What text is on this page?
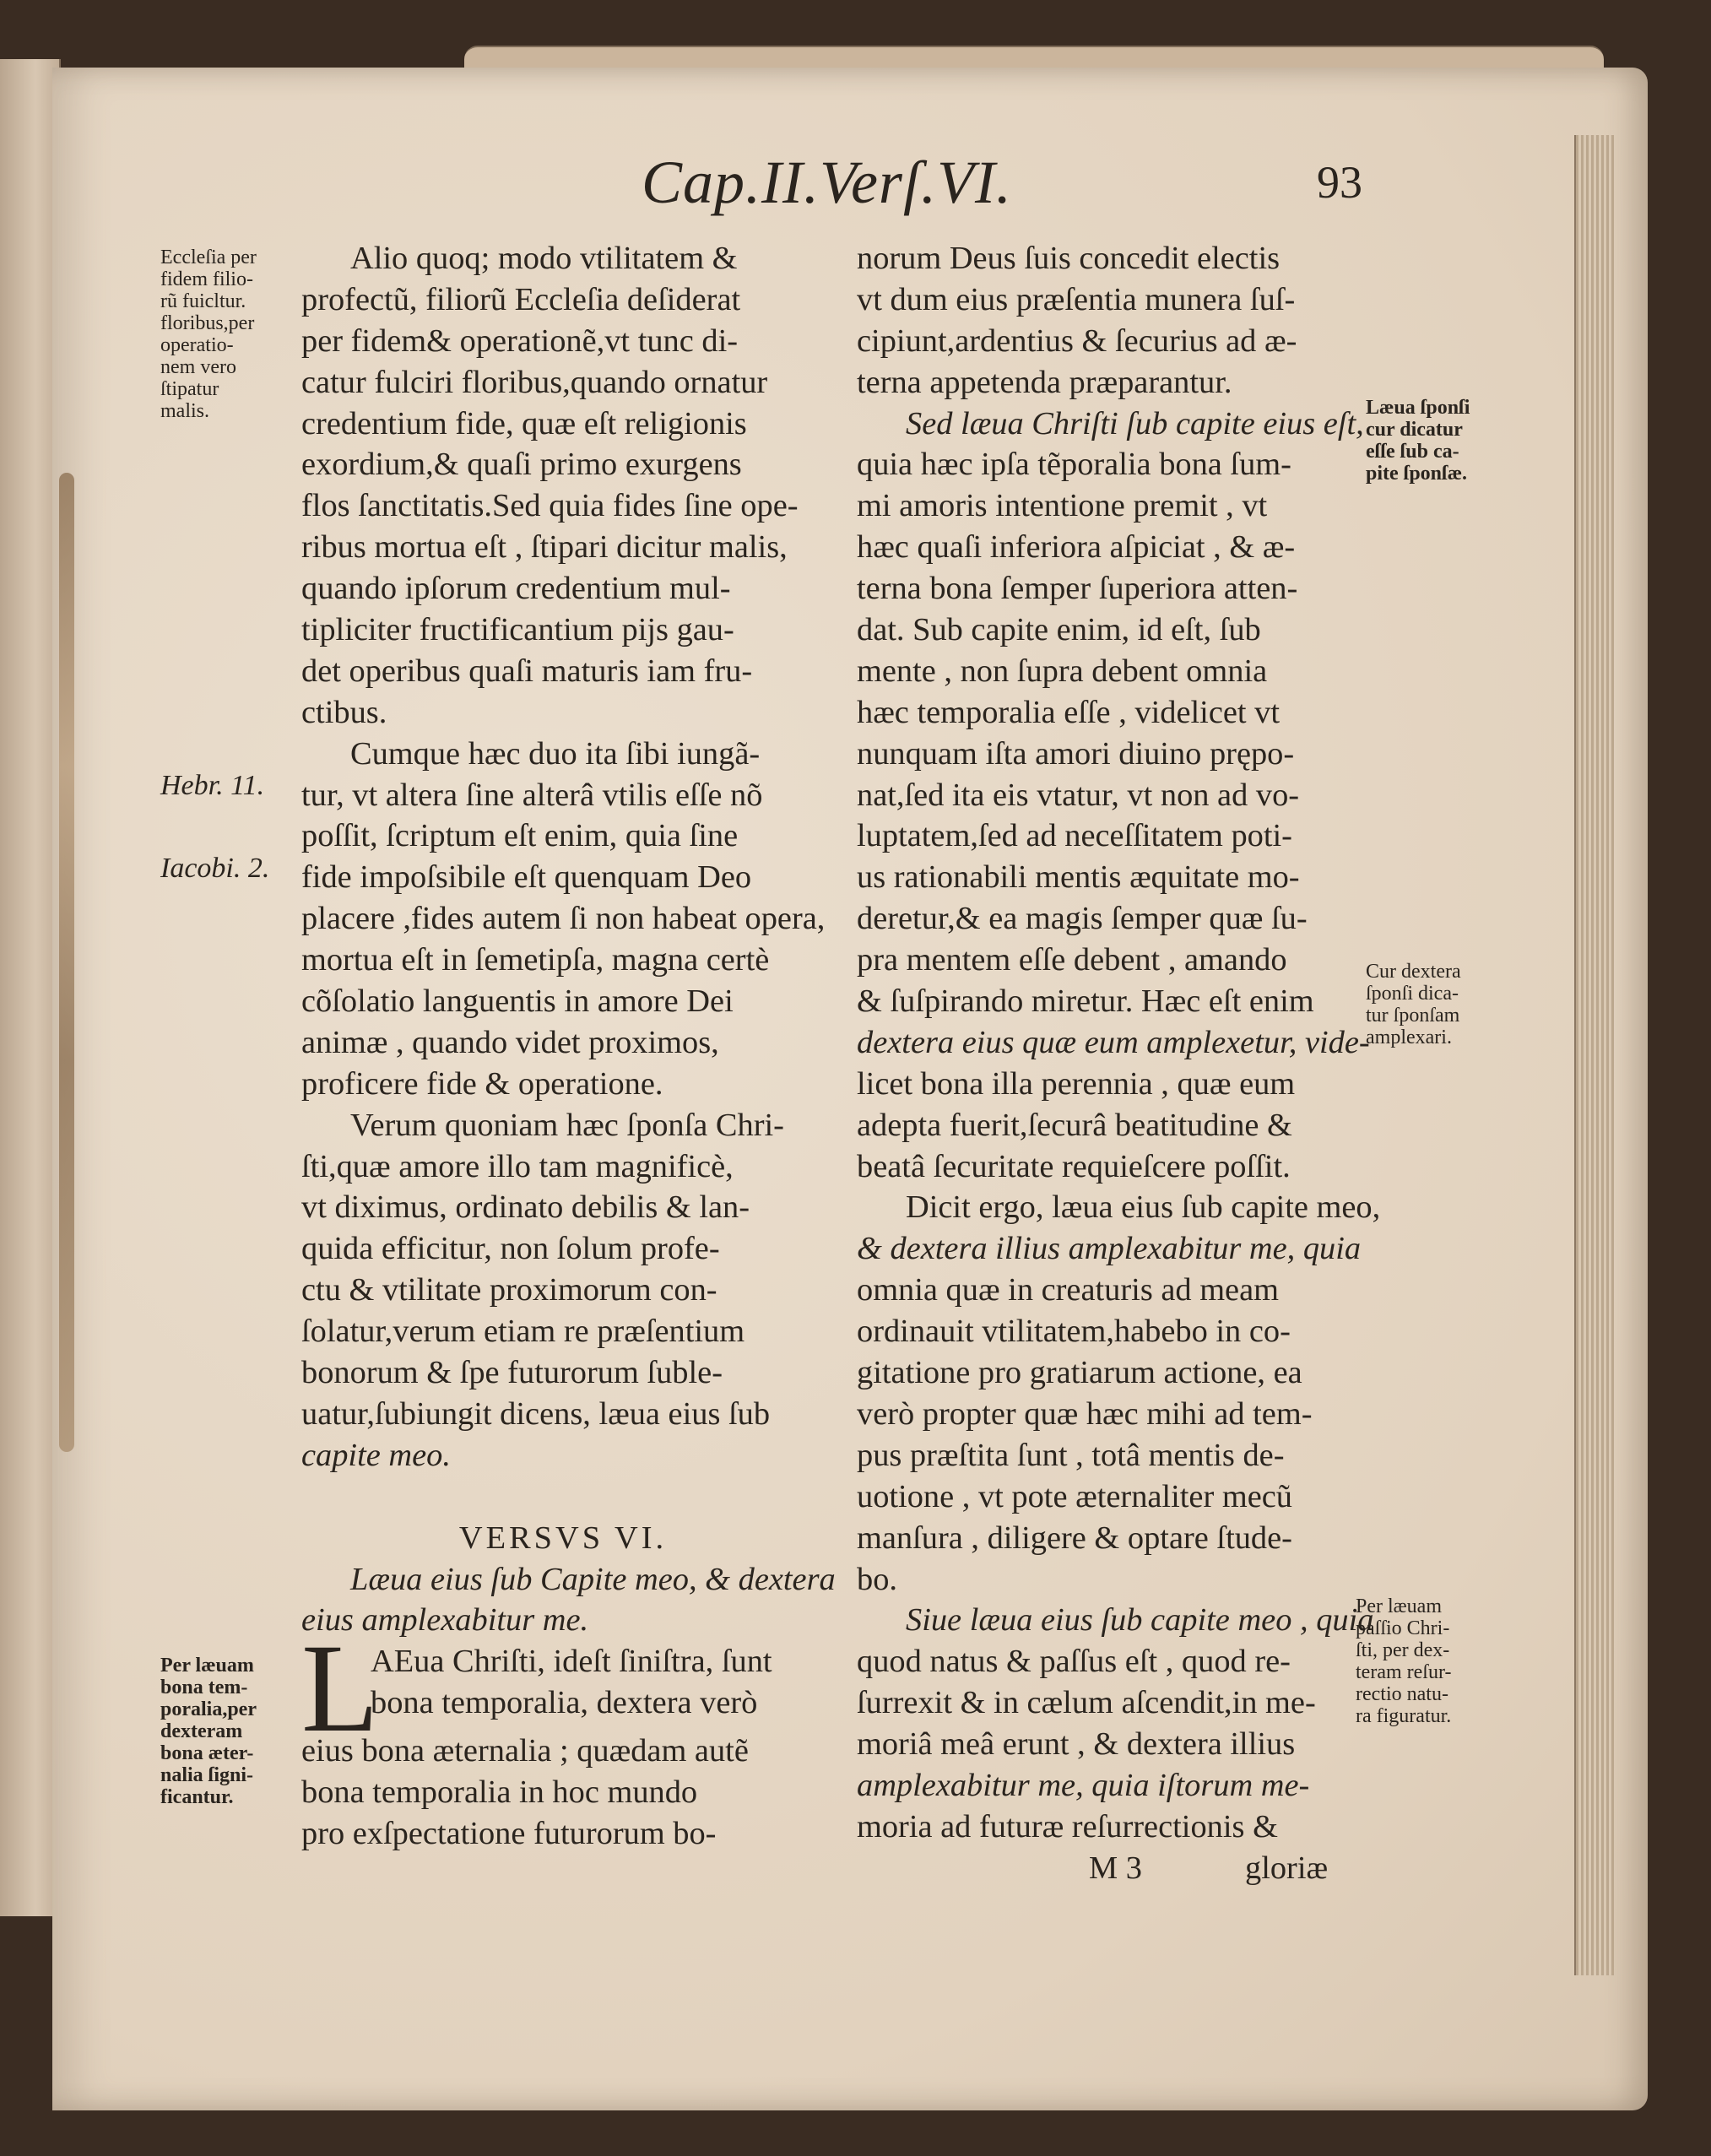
Cap.II.Verſ.VI.	93
Eccleſia per
fidem filio-
rũ fuicltur.
floribus,per
operatio-
nem vero
ſtipatur
malis.
Hebr. 11.
Iacobi. 2.
Per læuam
bona tem-
poralia,per
dexteram
bona æter-
nalia ſigni-
ficantur.
Alio quoq; modo vtilitatem &
profectũ, filiorũ Eccleſia deſiderat
per fidem& operationẽ,vt tunc di-
catur fulciri floribus,quando ornatur
credentium fide, quæ eſt religionis
exordium,& quaſi primo exurgens
flos ſanctitatis.Sed quia fides ſine ope-
ribus mortua eſt , ſtipari dicitur malis,
quando ipſorum credentium mul-
tipliciter fructificantium pijs gau-
det operibus quaſi maturis iam fru-
ctibus.
Cumque hæc duo ita ſibi iungã-
tur, vt altera ſine alterâ vtilis eſſe nõ
poſſit, ſcriptum eſt enim, quia ſine
fide impoſsibile eſt quenquam Deo
placere ,fides autem ſi non habeat opera,
mortua eſt in ſemetipſa, magna certè
cõſolatio languentis in amore Dei
animæ , quando videt proximos,
proficere fide & operatione.
Verum quoniam hæc ſponſa Chri-
ſti,quæ amore illo tam magnificè,
vt diximus, ordinato debilis & lan-
quida efficitur, non ſolum profe-
ctu & vtilitate proximorum con-
ſolatur,verum etiam re præſentium
bonorum & ſpe futurorum ſuble-
uatur,ſubiungit dicens, læua eius ſub
capite meo.
VERSVS VI.
Læua eius ſub Capite meo, & dextera
eius amplexabitur me.
L
AEua Chriſti, ideſt ſiniſtra, ſunt
bona temporalia, dextera verò
eius bona æternalia ; quædam autẽ
bona temporalia in hoc mundo
pro exſpectatione futurorum bo-
norum Deus ſuis concedit electis
vt dum eius præſentia munera ſuſ-
cipiunt,ardentius & ſecurius ad æ-
terna appetenda præparantur.
Sed læua Chriſti ſub capite eius eſt,
quia hæc ipſa tẽporalia bona ſum-
mi amoris intentione premit , vt
hæc quaſi inferiora aſpiciat , & æ-
terna bona ſemper ſuperiora atten-
dat. Sub capite enim, id eſt, ſub
mente , non ſupra debent omnia
hæc temporalia eſſe , videlicet vt
nunquam iſta amori diuino prępo-
nat,ſed ita eis vtatur, vt non ad vo-
luptatem,ſed ad neceſſitatem poti-
us rationabili mentis æquitate mo-
deretur,& ea magis ſemper quæ ſu-
pra mentem eſſe debent , amando
& ſuſpirando miretur. Hæc eſt enim
dextera eius quæ eum amplexetur, vide-
licet bona illa perennia , quæ eum
adepta fuerit,ſecurâ beatitudine &
beatâ ſecuritate requieſcere poſſit.
Dicit ergo, læua eius ſub capite meo,
& dextera illius amplexabitur me, quia
omnia quæ in creaturis ad meam
ordinauit vtilitatem,habebo in co-
gitatione pro gratiarum actione, ea
verò propter quæ hæc mihi ad tem-
pus præſtita ſunt , totâ mentis de-
uotione , vt pote æternaliter mecũ
manſura , diligere & optare ſtude-
bo.
Siue læua eius ſub capite meo , quia
quod natus & paſſus eſt , quod re-
ſurrexit & in cælum aſcendit,in me-
moriâ meâ erunt , & dextera illius
amplexabitur me, quia iſtorum me-
moria ad futuræ reſurrectionis &
M 3	gloriæ
Læua ſponſi
cur dicatur
eſſe ſub ca-
pite ſponſæ.
Cur dextera
ſponſi dica-
tur ſponſam
amplexari.
Per læuam
paſſio Chri-
ſti, per dex-
teram reſur-
rectio natu-
ra figuratur.
